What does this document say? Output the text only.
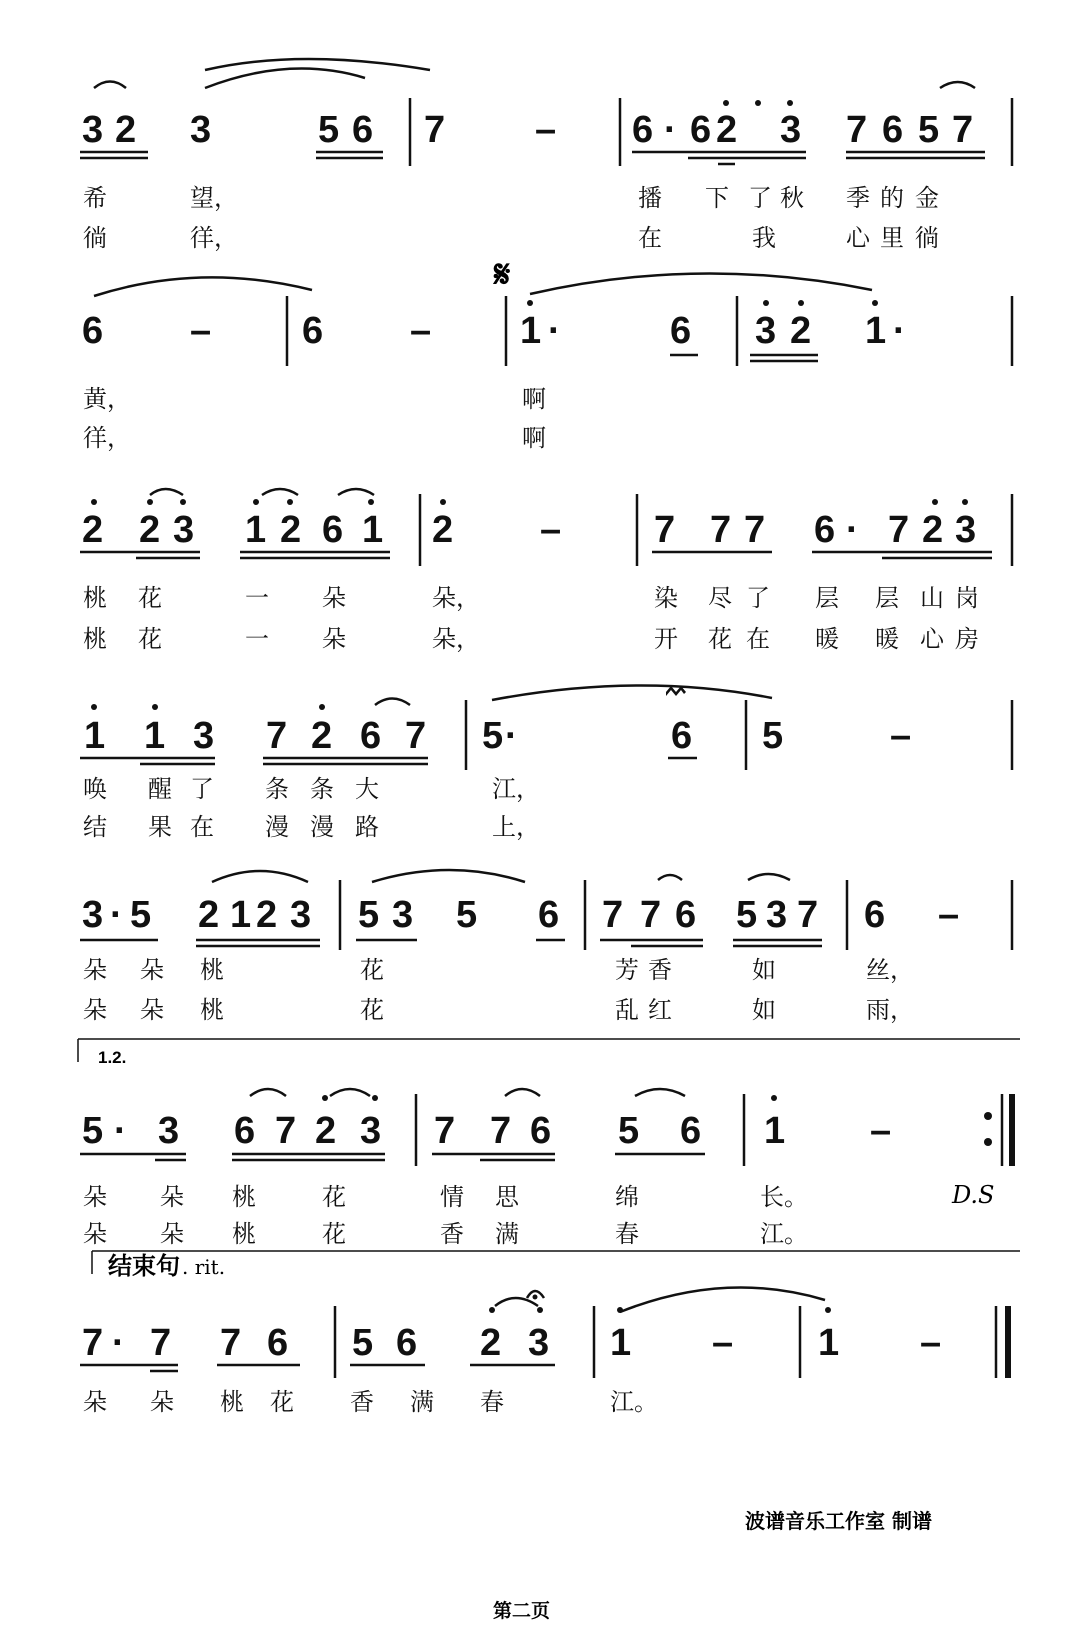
3 2 3	5 6 7 – 6 · 6 2 3 7 6 5 7
6 – 6 – 1 ·	6 3 2 1 ·
2 2 3 1 2 6 1 2 – 7 7 7 6 · 7 2 3
1 1 3 7 2 6 7 5 ·	6 5	–
3 · 5 2 1 2 3 5 3 5 6 7 7 6 5 3 7 6 –
5 · 3 6 7 2 3 7 7 6 5 6 1 –
7 · 7 7 6 5 6 2 3 1 – 1 –
𝄋
1.2.
D.S
结束句 . rit.
希	望，	播 下 了 秋 季 的 金
徜	徉，	在	我	心 里 徜
黄，	啊
徉，	啊
桃 花	一 朵	朵，	染 尽 了 层 层 山 岗
桃 花	一 朵	朵，	开 花 在 暖 暖 心 房
唤 醒 了 条 条 大	江，
结 果 在 漫 漫 路	上，
朵 朵 桃	花	芳 香	如	丝，
朵 朵 桃	花	乱 红	如	雨，
朵 朵 桃	花	情 思	绵	长。
朵 朵 桃	花	香 满	春	江。
朵 朵 桃 花 香 满 春	江。
波谱音乐工作室 制谱
第二页
